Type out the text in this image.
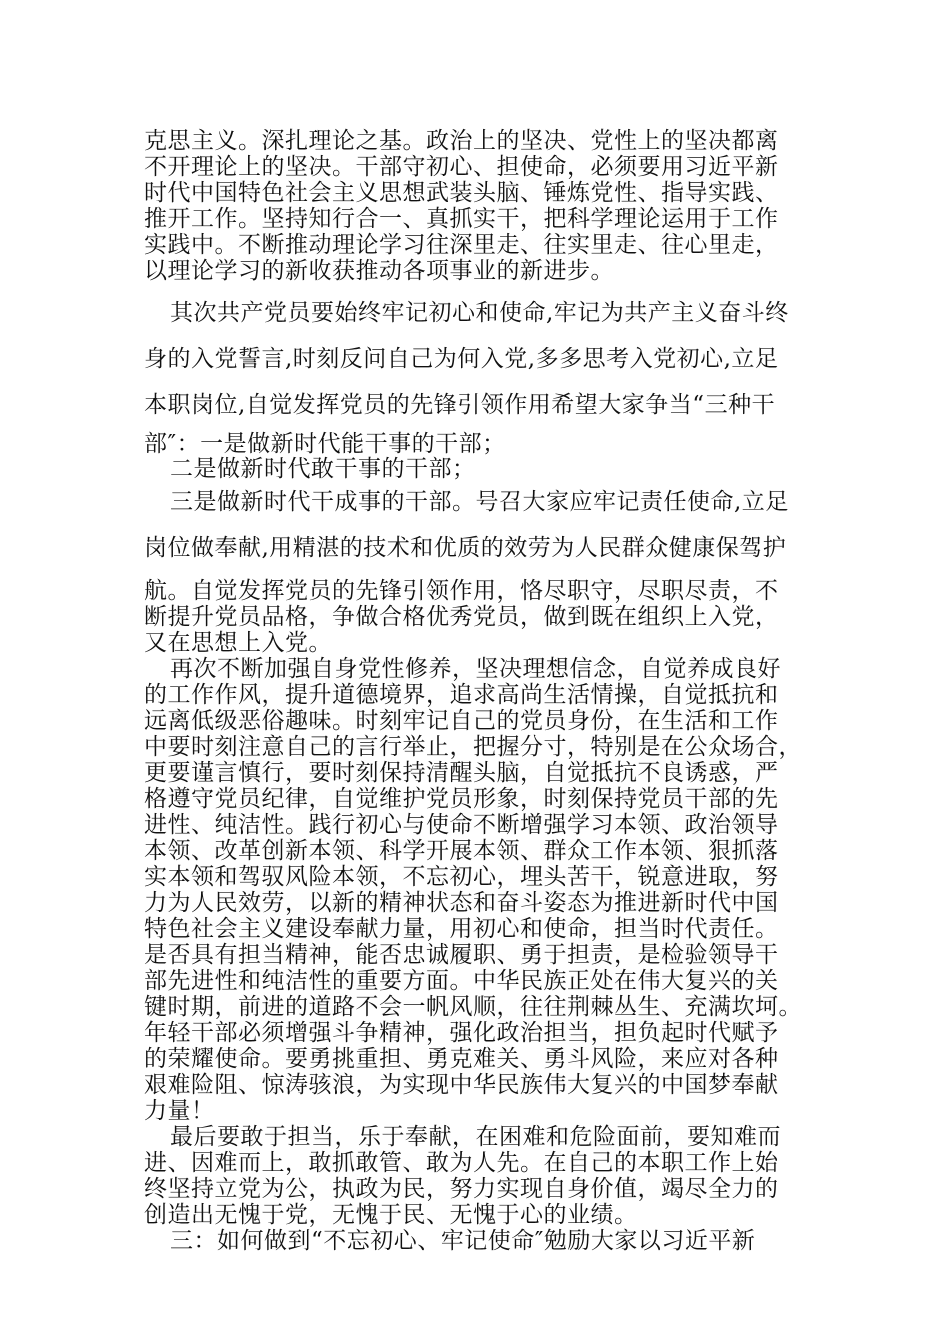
克思主义。深扎理论之基。政治上的坚决、党性上的坚决都离
不开理论上的坚决。干部守初心、担使命，必须要用习近平新
时代中国特色社会主义思想武装头脑、锤炼党性、指导实践、
推开工作。坚持知行合一、真抓实干，把科学理论运用于工作
实践中。不断推动理论学习往深里走、往实里走、往心里走，
以理论学习的新收获推动各项事业的新进步。
其次共产党员要始终牢记初心和使命,牢记为共产主义奋斗终
身的入党誓言,时刻反问自己为何入党,多多思考入党初心,立足
本职岗位,自觉发挥党员的先锋引领作用希望大家争当“三种干
部″：一是做新时代能干事的干部；
二是做新时代敢干事的干部；
三是做新时代干成事的干部。号召大家应牢记责任使命,立足
岗位做奉献,用精湛的技术和优质的效劳为人民群众健康保驾护
航。自觉发挥党员的先锋引领作用，恪尽职守，尽职尽责，不
断提升党员品格，争做合格优秀党员，做到既在组织上入党，
又在思想上入党。
再次不断加强自身党性修养，坚决理想信念，自觉养成良好
的工作作风，提升道德境界，追求高尚生活情操，自觉抵抗和
远离低级恶俗趣味。时刻牢记自己的党员身份，在生活和工作
中要时刻注意自己的言行举止，把握分寸，特别是在公众场合，
更要谨言慎行，要时刻保持清醒头脑，自觉抵抗不良诱惑，严
格遵守党员纪律，自觉维护党员形象，时刻保持党员干部的先
进性、纯洁性。践行初心与使命不断增强学习本领、政治领导
本领、改革创新本领、科学开展本领、群众工作本领、狠抓落
实本领和驾驭风险本领，不忘初心，埋头苦干，锐意进取，努
力为人民效劳，以新的精神状态和奋斗姿态为推进新时代中国
特色社会主义建设奉献力量，用初心和使命，担当时代责任。
是否具有担当精神，能否忠诚履职、勇于担责，是检验领导干
部先进性和纯洁性的重要方面。中华民族正处在伟大复兴的关
键时期，前进的道路不会一帆风顺，往往荆棘丛生、充满坎坷。
年轻干部必须增强斗争精神，强化政治担当，担负起时代赋予
的荣耀使命。要勇挑重担、勇克难关、勇斗风险，来应对各种
艰难险阻、惊涛骇浪，为实现中华民族伟大复兴的中国梦奉献
力量！
最后要敢于担当，乐于奉献，在困难和危险面前，要知难而
进、因难而上，敢抓敢管、敢为人先。在自己的本职工作上始
终坚持立党为公，执政为民，努力实现自身价值，竭尽全力的
创造出无愧于党，无愧于民、无愧于心的业绩。
三：如何做到“不忘初心、牢记使命″勉励大家以习近平新
